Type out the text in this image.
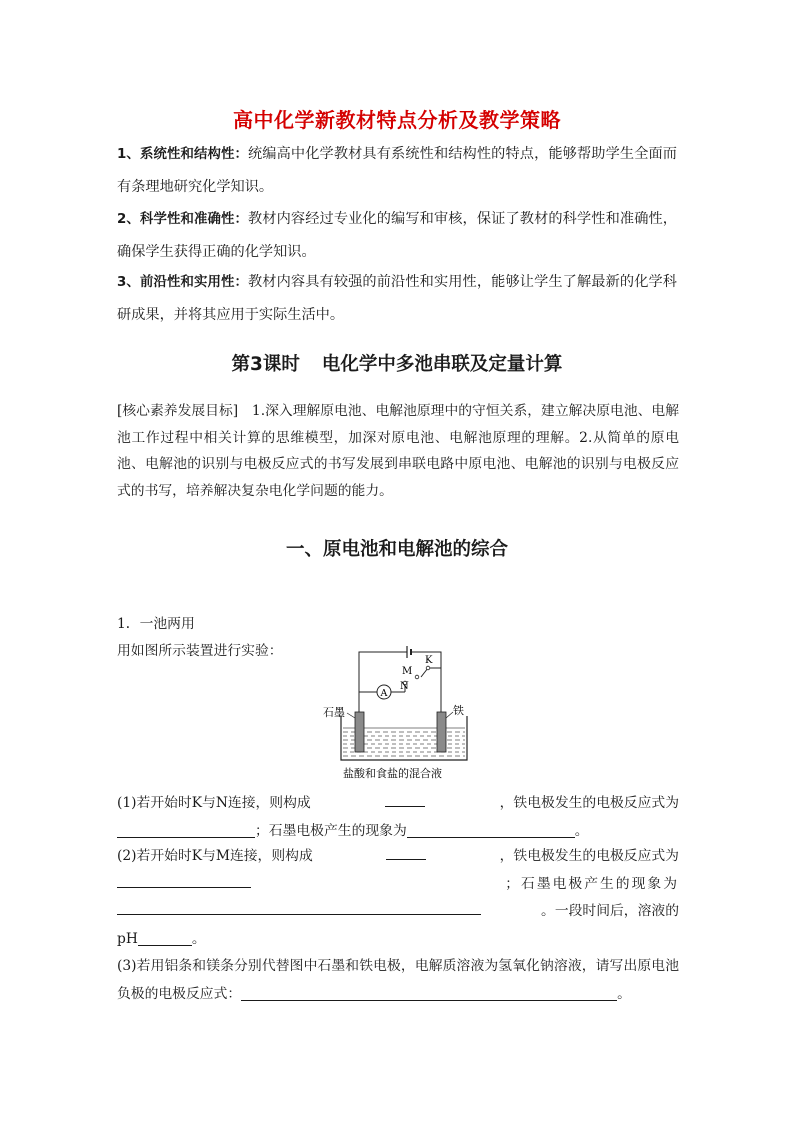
高中化学新教材特点分析及教学策略
1、系统性和结构性：统编高中化学教材具有系统性和结构性的特点，能够帮助学生全面而有条理地研究化学知识。
2、科学性和准确性：教材内容经过专业化的编写和审核，保证了教材的科学性和准确性，确保学生获得正确的化学知识。
3、前沿性和实用性：教材内容具有较强的前沿性和实用性，能够让学生了解最新的化学科研成果，并将其应用于实际生活中。
第3课时 电化学中多池串联及定量计算
[核心素养发展目标]　1.深入理解原电池、电解池原理中的守恒关系，建立解决原电池、电解池工作过程中相关计算的思维模型，加深对原电池、电解池原理的理解。2.从简单的原电池、电解池的识别与电极反应式的书写发展到串联电路中原电池、电解池的识别与电极反应式的书写，培养解决复杂电化学问题的能力。
一、原电池和电解池的综合
1．一池两用
用如图所示装置进行实验：
M
K
N
A
石墨	铁
盐酸和食盐的混合液
(1)若开始时K与N连接，则构成	，铁电极发生的电极反应式为
；石墨电极产生的现象为	。
(2)若开始时K与M连接，则构成	，铁电极发生的电极反应式为
；石墨电极产生的现象为
。一段时间后，溶液的
pH	。
(3)若用铝条和镁条分别代替图中石墨和铁电极，电解质溶液为氢氧化钠溶液，请写出原电池负极的电极反应式：	。
